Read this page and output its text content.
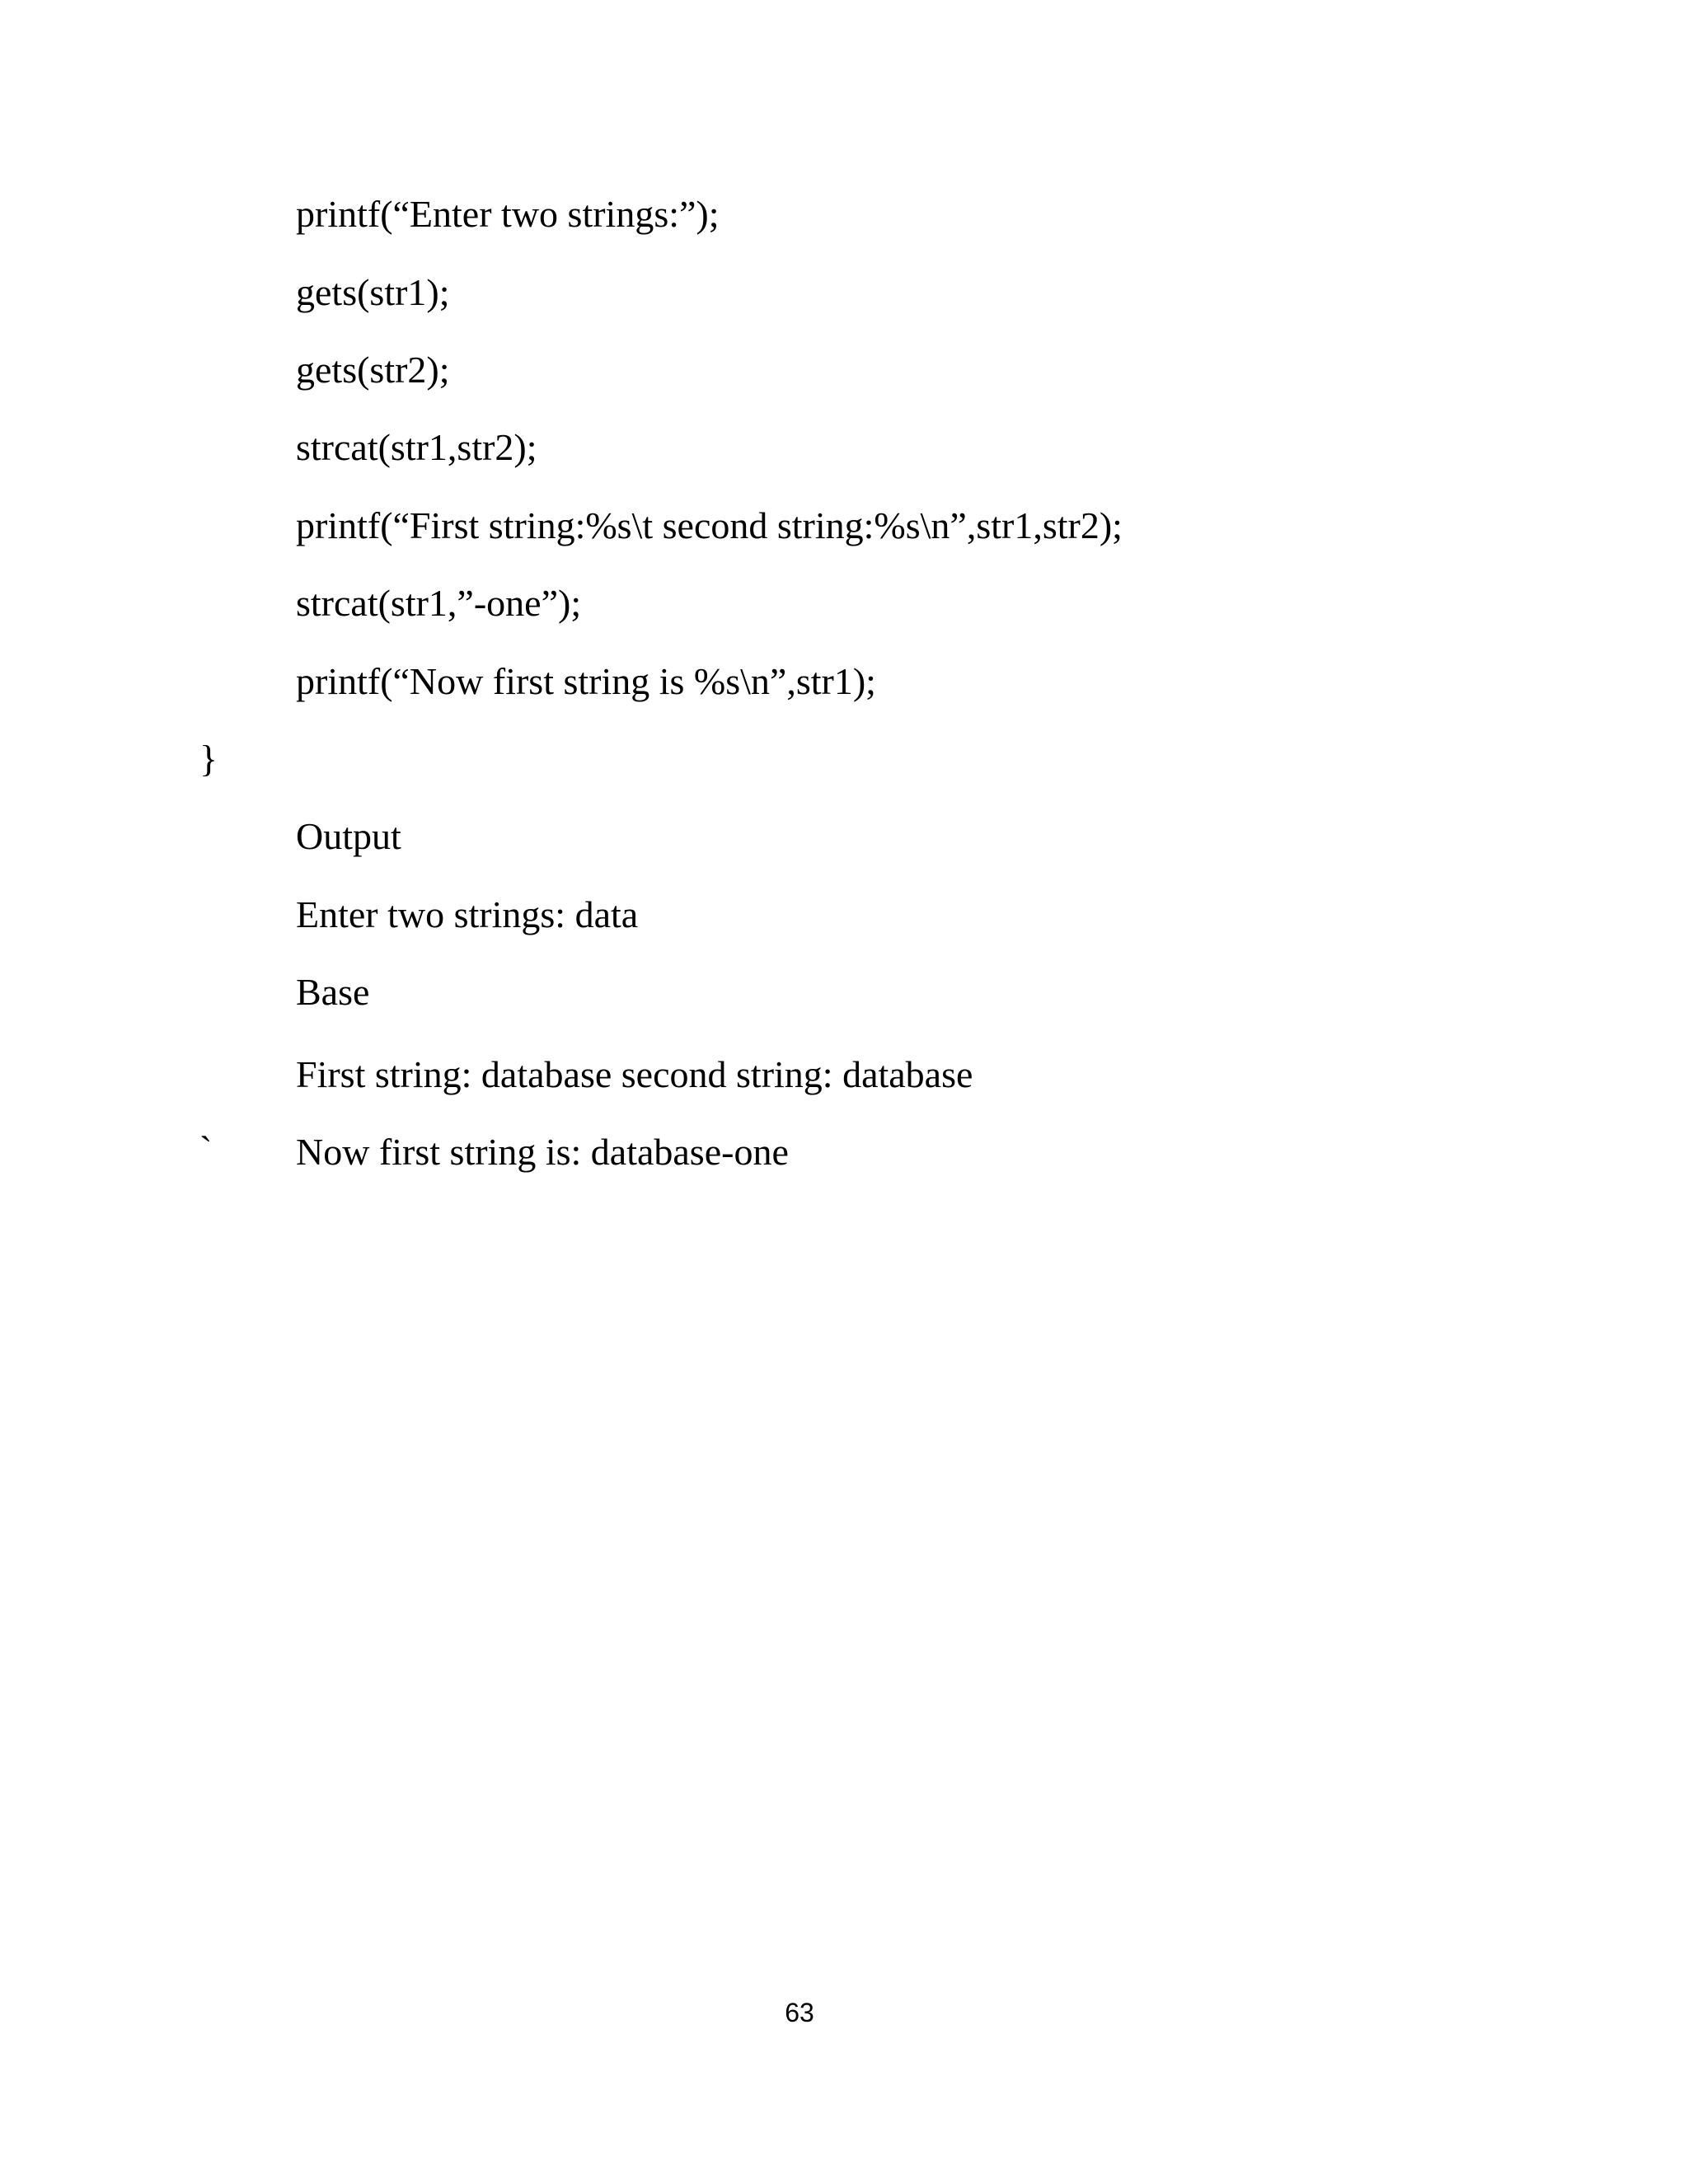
printf(“Enter two strings:”);
gets(str1);
gets(str2);
strcat(str1,str2);
printf(“First string:%s\t second string:%s\n”,str1,str2);
strcat(str1,”-one”);
printf(“Now first string is %s\n”,str1);
}
Output
Enter two strings: data
Base
First string: database second string: database
` Now first string is: database-one
63
